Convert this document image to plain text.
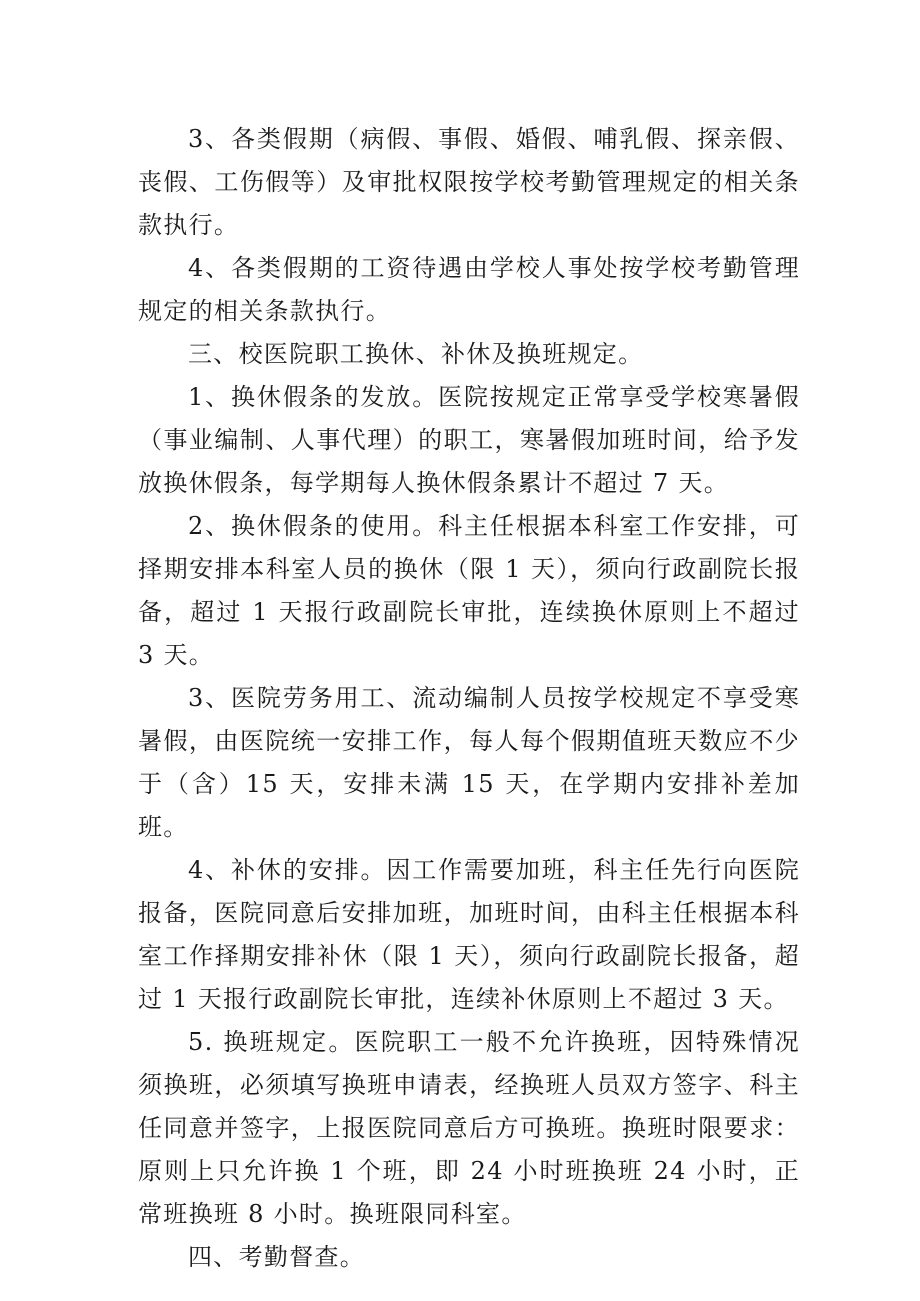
3、各类假期（病假、事假、婚假、哺乳假、探亲假、丧假、工伤假等）及审批权限按学校考勤管理规定的相关条款执行。

4、各类假期的工资待遇由学校人事处按学校考勤管理规定的相关条款执行。

三、校医院职工换休、补休及换班规定。

1、换休假条的发放。医院按规定正常享受学校寒暑假（事业编制、人事代理）的职工，寒暑假加班时间，给予发放换休假条，每学期每人换休假条累计不超过 7 天。

2、换休假条的使用。科主任根据本科室工作安排，可择期安排本科室人员的换休（限 1 天），须向行政副院长报备，超过 1 天报行政副院长审批，连续换休原则上不超过 3 天。

3、医院劳务用工、流动编制人员按学校规定不享受寒暑假，由医院统一安排工作，每人每个假期值班天数应不少于（含）15 天，安排未满 15 天，在学期内安排补差加班。

4、补休的安排。因工作需要加班，科主任先行向医院报备，医院同意后安排加班，加班时间，由科主任根据本科室工作择期安排补休（限 1 天），须向行政副院长报备，超过 1 天报行政副院长审批，连续补休原则上不超过 3 天。

5. 换班规定。医院职工一般不允许换班，因特殊情况须换班，必须填写换班申请表，经换班人员双方签字、科主任同意并签字，上报医院同意后方可换班。换班时限要求：原则上只允许换 1 个班，即 24 小时班换班 24 小时，正常班换班 8 小时。换班限同科室。

四、考勤督查。
